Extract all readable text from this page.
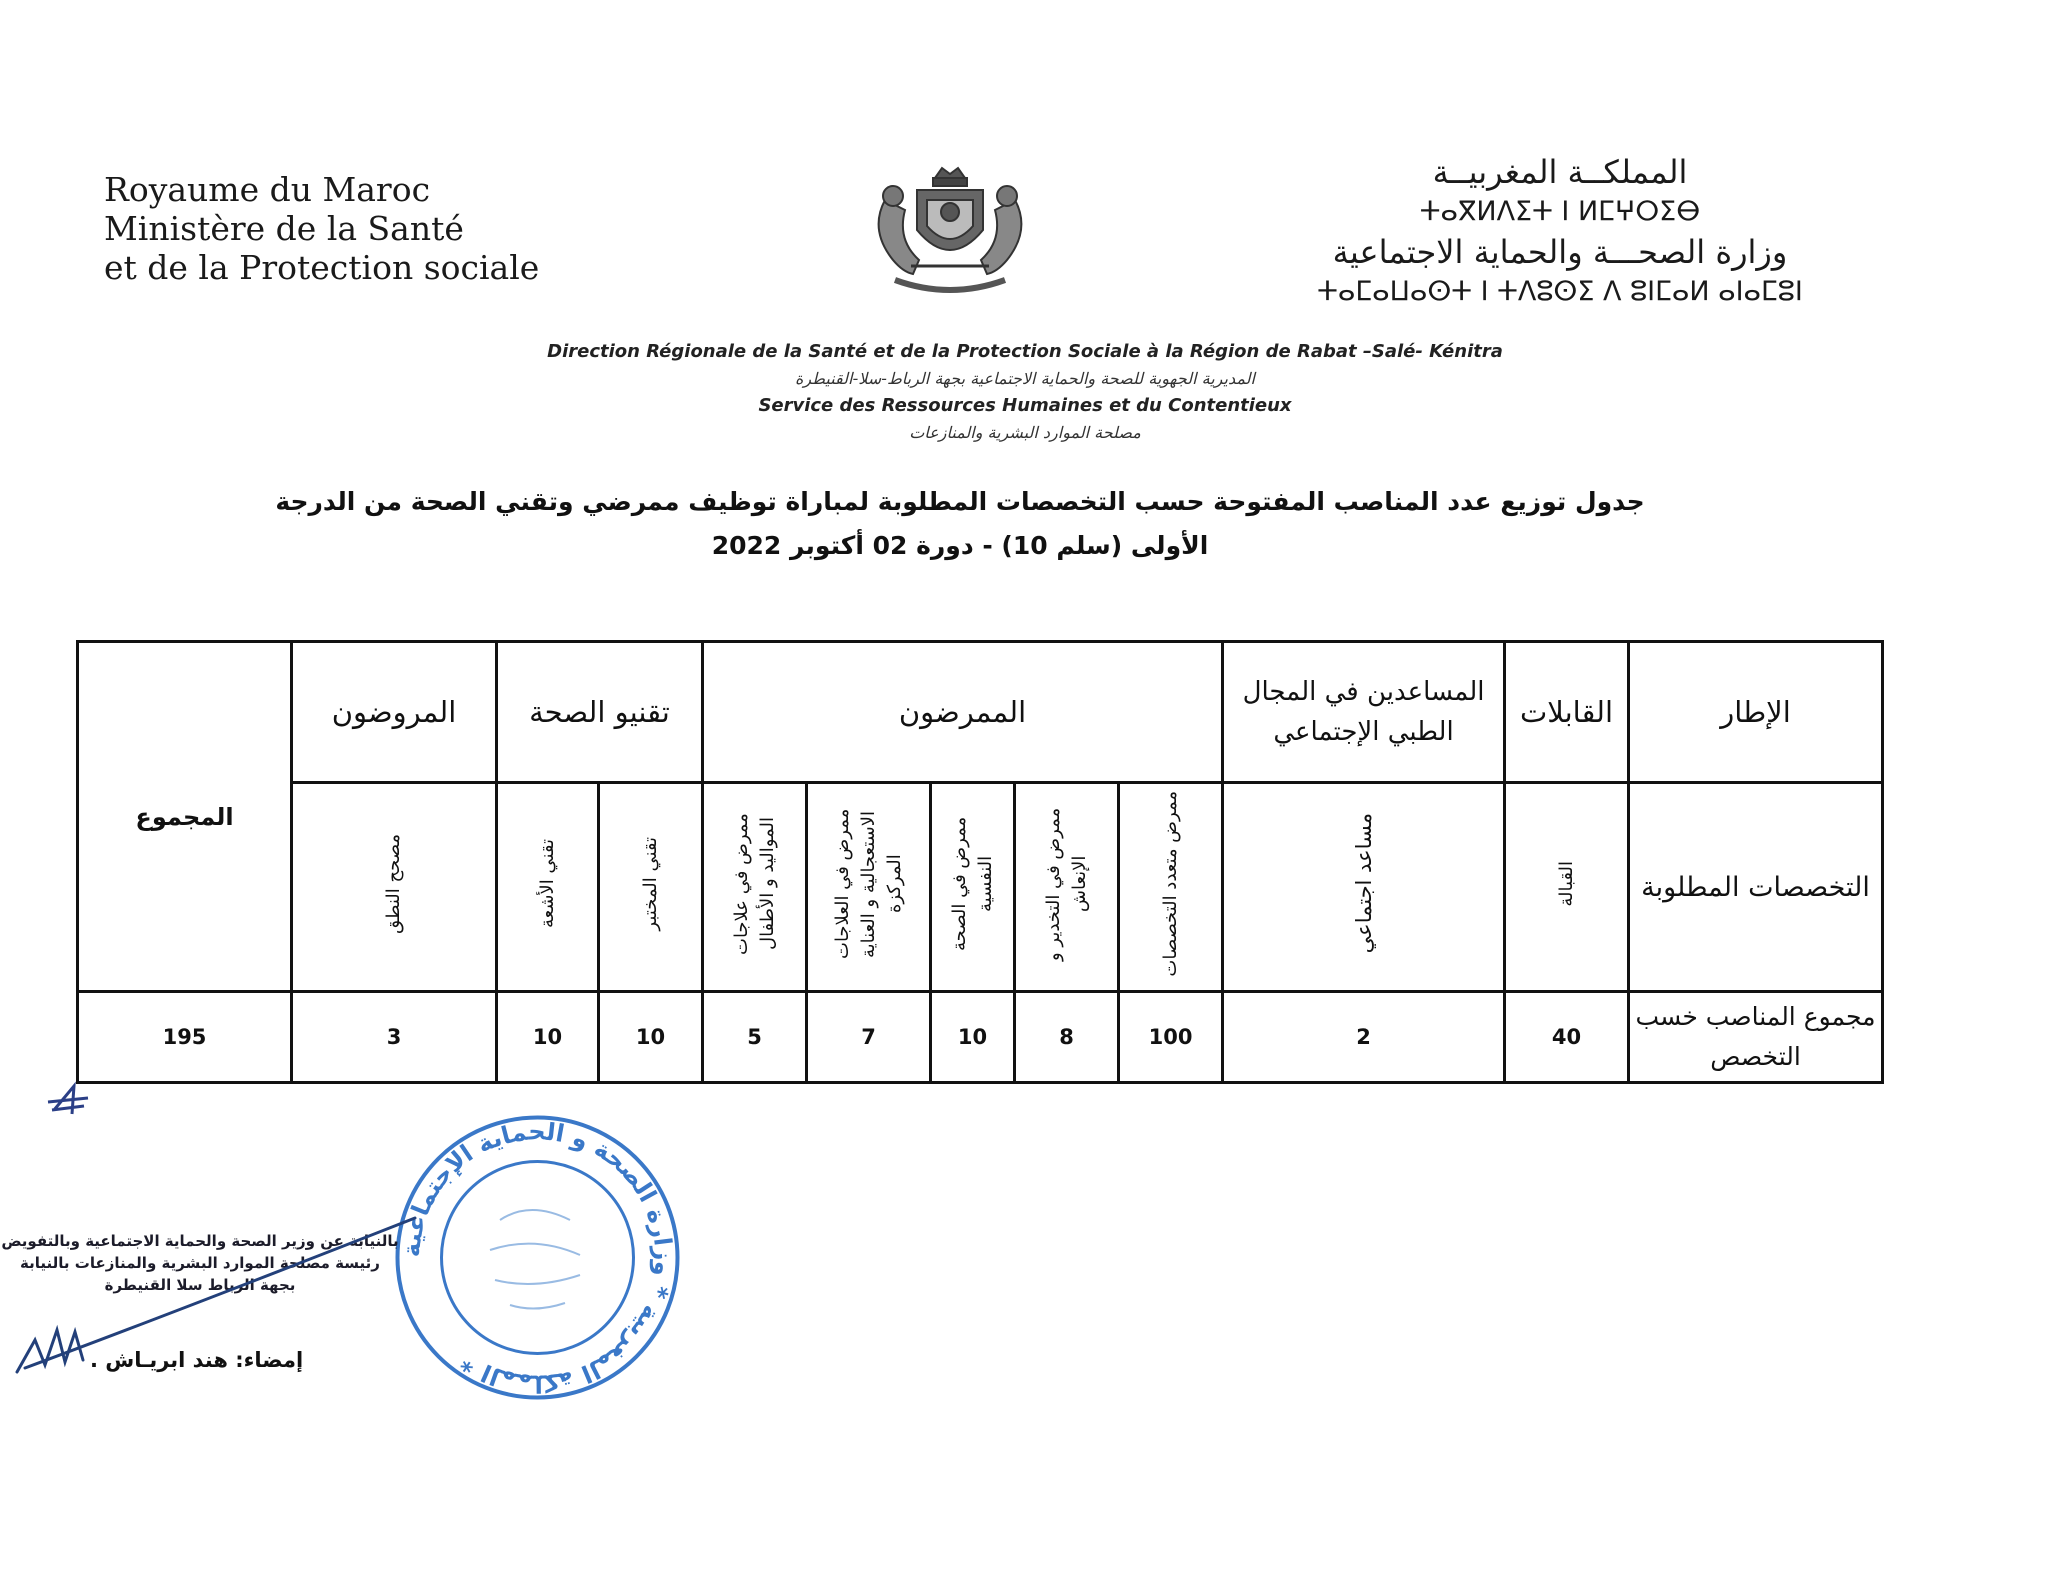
Royaume du Maroc
Ministère de la Santé
et de la Protection sociale
المملكــة المغربيــة
ⵜⴰⴳⵍⴷⵉⵜ ⵏ ⵍⵎⵖⵔⵉⴱ
وزارة الصحـــة والحماية الاجتماعية
ⵜⴰⵎⴰⵡⴰⵙⵜ ⵏ ⵜⴷⵓⵙⵉ ⴷ ⵓⵏⵎⴰⵍ ⴰⵏⴰⵎⵓⵏ
Direction Régionale de la Santé et de la Protection Sociale à la Région de Rabat –Salé- Kénitra
المديرية الجهوية للصحة والحماية الاجتماعية بجهة الرباط-سلا-القنيطرة
Service des Ressources Humaines et du Contentieux
مصلحة الموارد البشرية والمنازعات
جدول توزيع عدد المناصب المفتوحة حسب التخصصات المطلوبة لمباراة توظيف ممرضي وتقني الصحة من الدرجة
الأولى (سلم 10) - دورة 02 أكتوبر 2022
الإطار	القابلات	المساعدين في المجال الطبي الإجتماعي	الممرضون					تقنيو الصحة		المروضون	المجموع
التخصصات المطلوبة	القبالة	مساعد اجتماعي	ممرض متعدد التخصصات	ممرض في التخدير و الإنعاش	ممرض في الصحة النفسية	ممرض في العلاجات الاستعجالية و العناية المركزة	ممرض في علاجات المواليد و الأطفال	تقني المختبر	تقني الأشعة	مصحح النطق	
مجموع المناصب خسب التخصص	40	2	100	8	10	7	5	10	10	3	195
المملكة المغربية * وزارة الصحة و الحماية الإجتماعية *
بالنيابة عن وزير الصحة والحماية الاجتماعية وبالتفويض
رئيسة مصلحة الموارد البشرية والمنازعات بالنيابة
بجهة الرباط سلا القنيطرة
إمضاء: هند ابريـاش .
